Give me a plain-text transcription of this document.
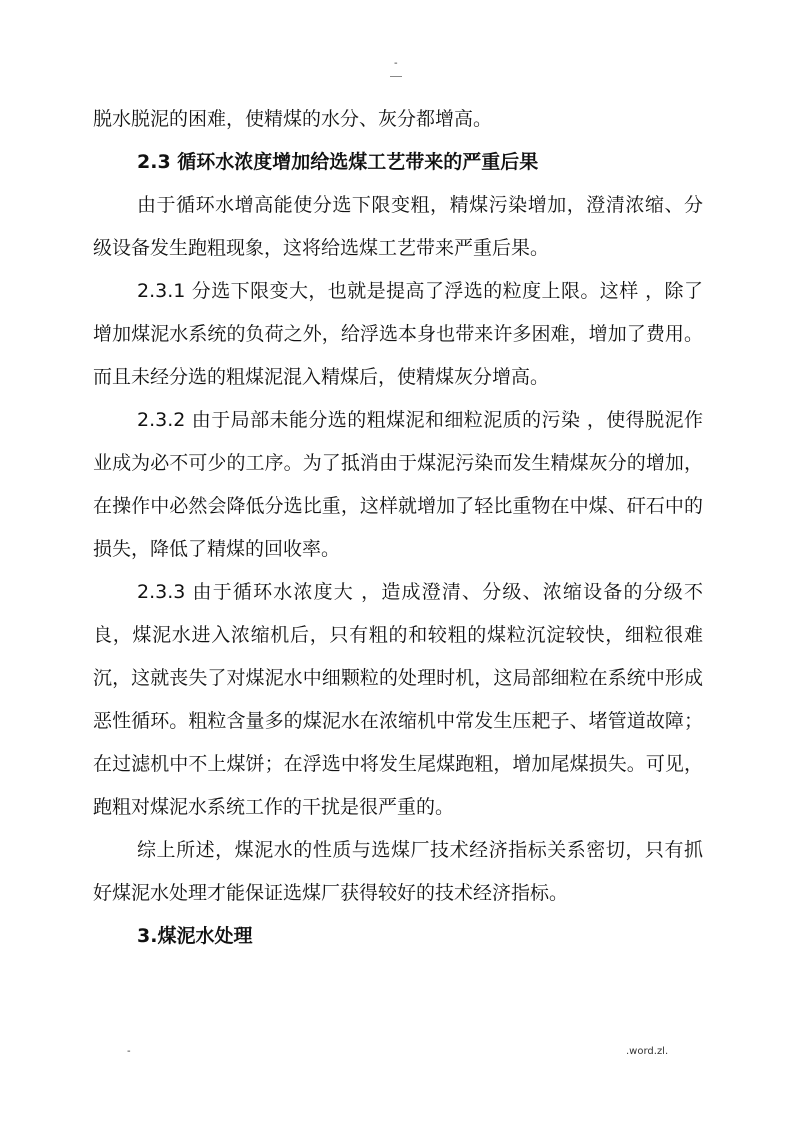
-

脱水脱泥的困难，使精煤的水分、灰分都增高。

2.3 循环水浓度增加给选煤工艺带来的严重后果

由于循环水增高能使分选下限变粗，精煤污染增加，澄清浓缩、分级设备发生跑粗现象，这将给选煤工艺带来严重后果。

2.3.1 分选下限变大，也就是提高了浮选的粒度上限。这样 ，除了增加煤泥水系统的负荷之外，给浮选本身也带来许多困难，增加了费用。而且未经分选的粗煤泥混入精煤后，使精煤灰分增高。

2.3.2 由于局部未能分选的粗煤泥和细粒泥质的污染 ，使得脱泥作业成为必不可少的工序。为了抵消由于煤泥污染而发生精煤灰分的增加，在操作中必然会降低分选比重，这样就增加了轻比重物在中煤、矸石中的损失，降低了精煤的回收率。

2.3.3 由于循环水浓度大 ，造成澄清、分级、浓缩设备的分级不良，煤泥水进入浓缩机后，只有粗的和较粗的煤粒沉淀较快，细粒很难沉，这就丧失了对煤泥水中细颗粒的处理时机，这局部细粒在系统中形成恶性循环。粗粒含量多的煤泥水在浓缩机中常发生压耙子、堵管道故障；在过滤机中不上煤饼；在浮选中将发生尾煤跑粗，增加尾煤损失。可见，跑粗对煤泥水系统工作的干扰是很严重的。

综上所述，煤泥水的性质与选煤厂技术经济指标关系密切，只有抓好煤泥水处理才能保证选煤厂获得较好的技术经济指标。

3.煤泥水处理

-	.word.zl.
